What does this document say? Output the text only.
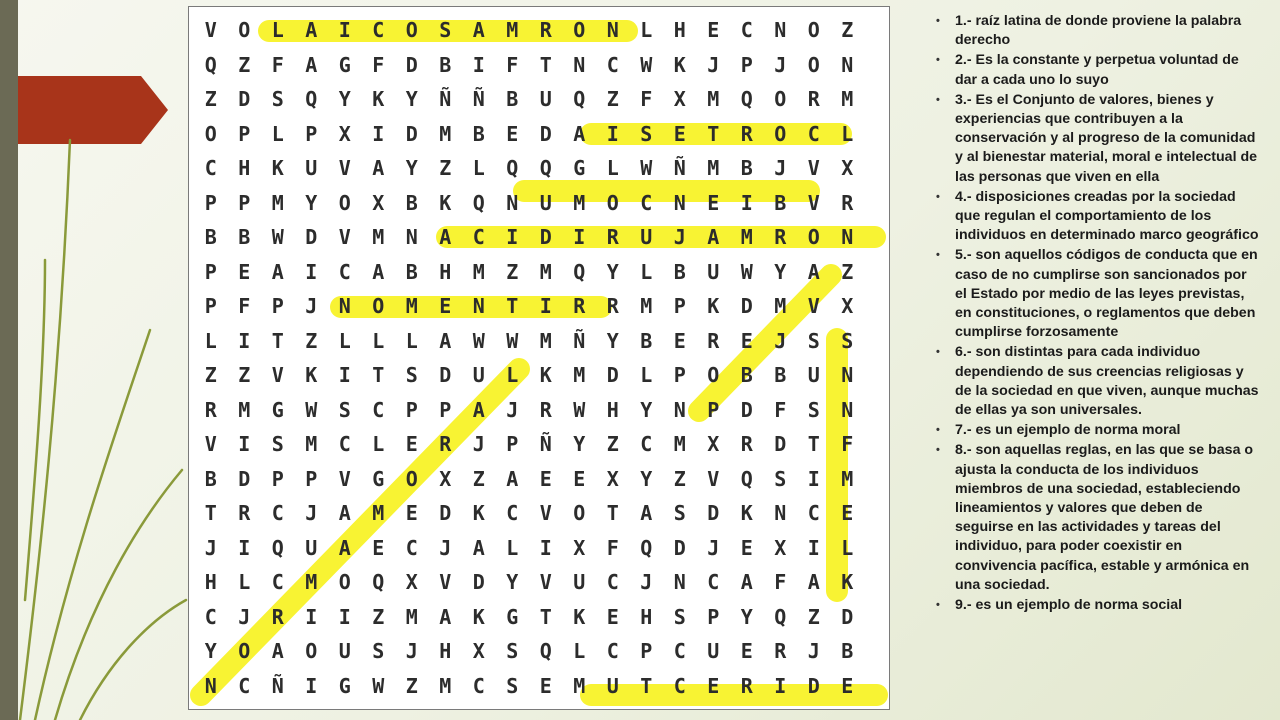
V	O	L	A	I	C	O	S	A	M	R	O	N	L	H	E	C	N	O	Z
Q	Z	F	A	G	F	D	B	I	F	T	N	C	W	K	J	P	J	O	N
Z	D	S	Q	Y	K	Y	Ñ	Ñ	B	U	Q	Z	F	X	M	Q	O	R	M
O	P	L	P	X	I	D	M	B	E	D	A	I	S	E	T	R	O	C	L
C	H	K	U	V	A	Y	Z	L	Q	Q	G	L	W	Ñ	M	B	J	V	X
P	P	M	Y	O	X	B	K	Q	N	U	M	O	C	N	E	I	B	V	R
B	B	W	D	V	M	N	A	C	I	D	I	R	U	J	A	M	R	O	N
P	E	A	I	C	A	B	H	M	Z	M	Q	Y	L	B	U	W	Y	A	Z
P	F	P	J	N	O	M	E	N	T	I	R	R	M	P	K	D	M	V	X
L	I	T	Z	L	L	L	A	W	W	M	Ñ	Y	B	E	R	E	J	S	S
Z	Z	V	K	I	T	S	D	U	L	K	M	D	L	P	O	B	B	U	N
R	M	G	W	S	C	P	P	A	J	R	W	H	Y	N	P	D	F	S	N
V	I	S	M	C	L	E	R	J	P	Ñ	Y	Z	C	M	X	R	D	T	F
B	D	P	P	V	G	O	X	Z	A	E	E	X	Y	Z	V	Q	S	I	M
T	R	C	J	A	M	E	D	K	C	V	O	T	A	S	D	K	N	C	E
J	I	Q	U	A	E	C	J	A	L	I	X	F	Q	D	J	E	X	I	L
H	L	C	M	O	Q	X	V	D	Y	V	U	C	J	N	C	A	F	A	K
C	J	R	I	I	Z	M	A	K	G	T	K	E	H	S	P	Y	Q	Z	D
Y	O	A	O	U	S	J	H	X	S	Q	L	C	P	C	U	E	R	J	B
N	C	Ñ	I	G	W	Z	M	C	S	E	M	U	T	C	E	R	I	D	E
• 1.- raíz latina de donde proviene la palabra derecho
• 2.- Es la constante y perpetua voluntad de dar a cada uno lo suyo
• 3.- Es el Conjunto de valores, bienes y experiencias que contribuyen a la conservación y al progreso de la comunidad y al bienestar material, moral e intelectual de las personas que viven en ella
• 4.- disposiciones creadas por la sociedad que regulan el comportamiento de los individuos en determinado marco geográfico
• 5.- son aquellos códigos de conducta que en caso de no cumplirse son sancionados por el Estado por medio de las leyes previstas, en constituciones, o reglamentos que deben cumplirse forzosamente
• 6.- son distintas para cada individuo dependiendo de sus creencias religiosas y de la sociedad en que viven, aunque muchas de ellas ya son universales.
• 7.- es un ejemplo de norma moral
• 8.- son aquellas reglas, en las que se basa o ajusta la conducta de los individuos miembros de una sociedad, estableciendo lineamientos y valores que deben de seguirse en las actividades y tareas del individuo, para poder coexistir en convivencia pacífica, estable y armónica en una sociedad.
• 9.- es un ejemplo de norma social
